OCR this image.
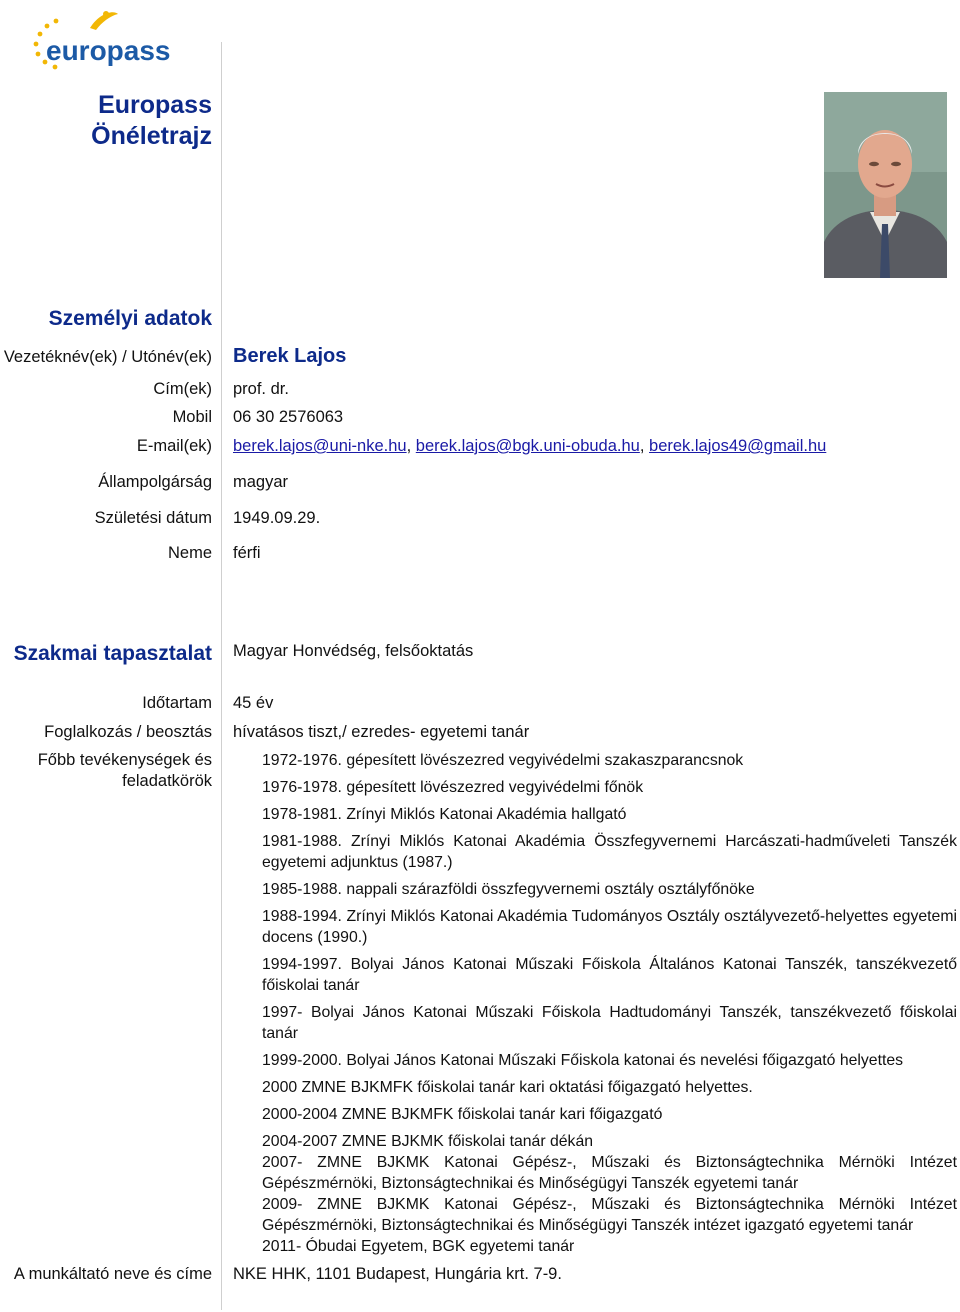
europass
Europass
Önéletrajz
Személyi adatok
Vezetéknév(ek) / Utónév(ek) Berek Lajos
Cím(ek) prof. dr.
Mobil 06 30 2576063
E-mail(ek) berek.lajos@uni-nke.hu, berek.lajos@bgk.uni-obuda.hu, berek.lajos49@gmail.hu
Állampolgárság magyar
Születési dátum 1949.09.29.
Neme férfi
Szakmai tapasztalat Magyar Honvédség, felsőoktatás
Időtartam 45 év
Foglalkozás / beosztás hívatásos tiszt,/ ezredes- egyetemi tanár
Főbb tevékenységek és
feladatkörök
1972-1976. gépesített lövészezred vegyivédelmi szakaszparancsnok
1976-1978. gépesített lövészezred vegyivédelmi főnök
1978-1981. Zrínyi Miklós Katonai Akadémia hallgató
1981-1988. Zrínyi Miklós Katonai Akadémia Összfegyvernemi Harcászati-hadműveleti Tanszék egyetemi adjunktus (1987.)
1985-1988. nappali szárazföldi összfegyvernemi osztály osztályfőnöke
1988-1994. Zrínyi Miklós Katonai Akadémia Tudományos Osztály osztályvezető-helyettes egyetemi docens (1990.)
1994-1997. Bolyai János Katonai Műszaki Főiskola Általános Katonai Tanszék, tanszékvezető főiskolai tanár
1997- Bolyai János Katonai Műszaki Főiskola Hadtudományi Tanszék, tanszékvezető főiskolai tanár
1999-2000. Bolyai János Katonai Műszaki Főiskola katonai és nevelési főigazgató helyettes
2000 ZMNE BJKMFK főiskolai tanár kari oktatási főigazgató helyettes.
2000-2004 ZMNE BJKMFK főiskolai tanár kari főigazgató
2004-2007 ZMNE BJKMK főiskolai tanár dékán
2007- ZMNE BJKMK Katonai Gépész-, Műszaki és Biztonságtechnika Mérnöki Intézet Gépészmérnöki, Biztonságtechnikai és Minőségügyi Tanszék egyetemi tanár
2009- ZMNE BJKMK Katonai Gépész-, Műszaki és Biztonságtechnika Mérnöki Intézet Gépészmérnöki, Biztonságtechnikai és Minőségügyi Tanszék intézet igazgató egyetemi tanár
2011- Óbudai Egyetem, BGK egyetemi tanár
A munkáltató neve és címe NKE HHK, 1101 Budapest, Hungária krt. 7-9.
